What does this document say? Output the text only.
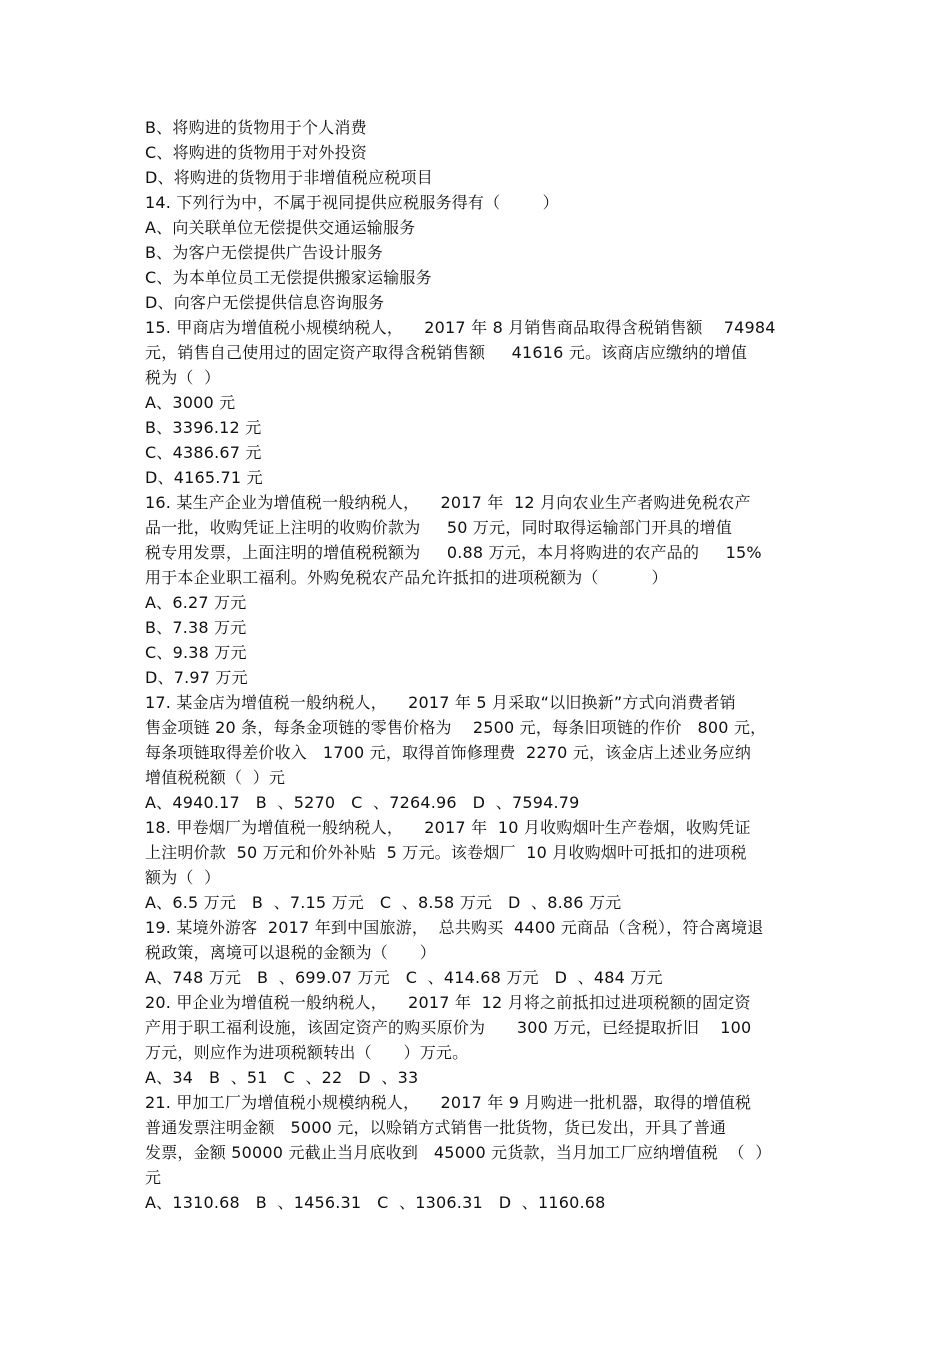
B、将购进的货物用于个人消费
C、将购进的货物用于对外投资
D、将购进的货物用于非增值税应税项目
14. 下列行为中，不属于视同提供应税服务得有（        ）
A、向关联单位无偿提供交通运输服务
B、为客户无偿提供广告设计服务
C、为本单位员工无偿提供搬家运输服务
D、向客户无偿提供信息咨询服务
15. 甲商店为增值税小规模纳税人，    2017 年 8 月销售商品取得含税销售额    74984
元，销售自己使用过的固定资产取得含税销售额     41616 元。该商店应缴纳的增值
税为（  ）
A、3000 元
B、3396.12 元
C、4386.67 元
D、4165.71 元
16. 某生产企业为增值税一般纳税人，    2017 年  12 月向农业生产者购进免税农产
品一批，收购凭证上注明的收购价款为     50 万元，同时取得运输部门开具的增值
税专用发票，上面注明的增值税税额为     0.88 万元，本月将购进的农产品的     15%
用于本企业职工福利。外购免税农产品允许抵扣的进项税额为（          ）
A、6.27 万元
B、7.38 万元
C、9.38 万元
D、7.97 万元
17. 某金店为增值税一般纳税人，    2017 年 5 月采取“以旧换新”方式向消费者销
售金项链 20 条，每条金项链的零售价格为    2500 元，每条旧项链的作价   800 元，
每条项链取得差价收入   1700 元，取得首饰修理费  2270 元，该金店上述业务应纳
增值税税额（  ）元
A、4940.17   B  、5270   C  、7264.96   D  、7594.79
18. 甲卷烟厂为增值税一般纳税人，    2017 年  10 月收购烟叶生产卷烟，收购凭证
上注明价款  50 万元和价外补贴  5 万元。该卷烟厂  10 月收购烟叶可抵扣的进项税
额为（  ）
A、6.5 万元   B  、7.15 万元   C  、8.58 万元   D  、8.86 万元
19. 某境外游客  2017 年到中国旅游，  总共购买  4400 元商品（含税），符合离境退
税政策，离境可以退税的金额为（      ）
A、748 万元   B  、699.07 万元   C  、414.68 万元   D  、484 万元
20. 甲企业为增值税一般纳税人，    2017 年  12 月将之前抵扣过进项税额的固定资
产用于职工福利设施，该固定资产的购买原价为      300 万元，已经提取折旧    100
万元，则应作为进项税额转出（      ）万元。
A、34   B  、51   C  、22   D  、33
21. 甲加工厂为增值税小规模纳税人，    2017 年 9 月购进一批机器，取得的增值税
普通发票注明金额   5000 元，以赊销方式销售一批货物，货已发出，开具了普通
发票，金额 50000 元截止当月底收到   45000 元货款，当月加工厂应纳增值税  （  ）
元
A、1310.68   B  、1456.31   C  、1306.31   D  、1160.68
